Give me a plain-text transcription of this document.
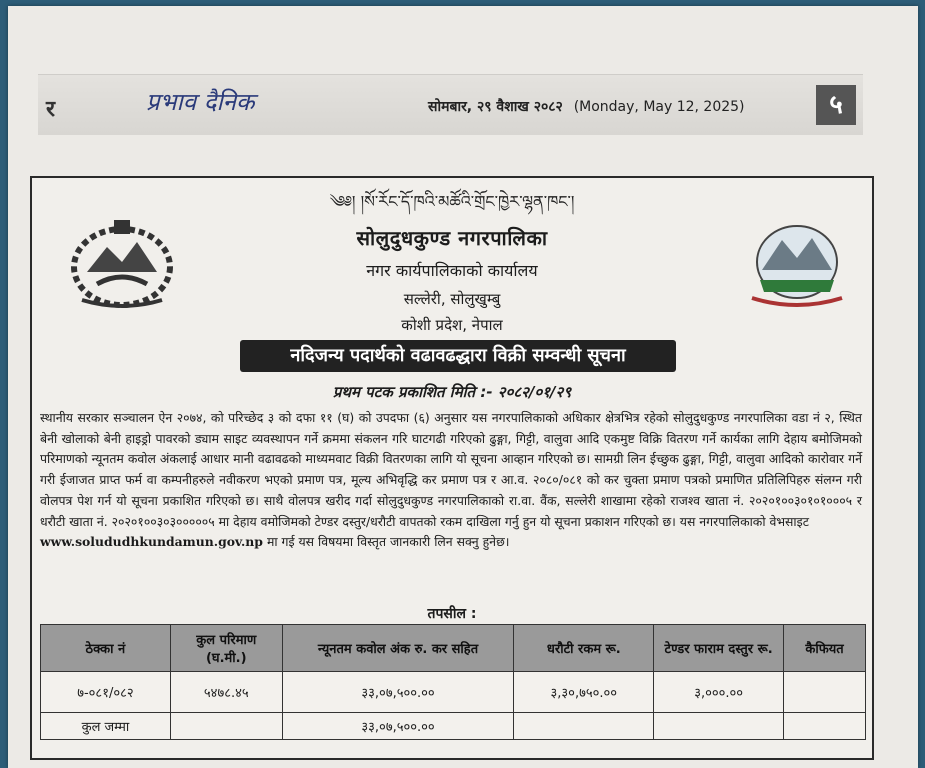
र	प्रभाव दैनिक	सोमबार, २९ वैशाख २०८२ (Monday, May 12, 2025)	५
༄༅། །སོ་རོང་དོ་ཁའི་མཚོའི་གྲོང་ཁྱེར་ལྷན་ཁང་།
सोलुदुधकुण्ड नगरपालिका
नगर कार्यपालिकाको कार्यालय
सल्लेरी, सोलुखुम्बु
कोशी प्रदेश, नेपाल
नदिजन्य पदार्थको वढावढद्धारा विक्री सम्वन्धी सूचना
प्रथम पटक प्रकाशित मिति :- २०८२/०१/२९
स्थानीय सरकार सञ्चालन ऐन २०७४, को परिच्छेद ३ को दफा ११ (घ) को उपदफा (६) अनुसार यस नगरपालिकाको अधिकार क्षेत्रभित्र रहेको सोलुदुधकुण्ड नगरपालिका वडा नं २, स्थित बेनी खोलाको बेनी हाइड्रो पावरको ड्याम साइट व्यवस्थापन गर्ने क्रममा संकलन गरि घाटगढी गरिएको ढुङ्गा, गिट्टी, वालुवा आदि एकमुष्ट विक्रि वितरण गर्ने कार्यका लागि देहाय बमोजिमको परिमाणको न्यूनतम कवोल अंकलाई आधार मानी वढावढको माध्यमवाट विक्री वितरणका लागि यो सूचना आव्हान गरिएको छ। सामग्री लिन ईच्छुक ढुङ्गा, गिट्टी, वालुवा आदिको कारोवार गर्ने गरी ईजाजत प्राप्त फर्म वा कम्पनीहरुले नवीकरण भएको प्रमाण पत्र, मूल्य अभिवृद्धि कर प्रमाण पत्र र आ.व. २०८०/०८१ को कर चुक्ता प्रमाण पत्रको प्रमाणित प्रतिलिपिहरु संलग्न गरी वोलपत्र पेश गर्न यो सूचना प्रकाशित गरिएको छ। साथै वोलपत्र खरीद गर्दा सोलुदुधकुण्ड नगरपालिकाको रा.वा. वैंक, सल्लेरी शाखामा रहेको राजश्व खाता नं. २०२०१००३०१०१०००५ र धरौटी खाता नं. २०२०१००३०३०००००५ मा देहाय वमोजिमको टेण्डर दस्तुर/धरौटी वापतको रकम दाखिला गर्नु हुन यो सूचना प्रकाशन गरिएको छ। यस नगरपालिकाको वेभसाइट
www.solududhkundamun.gov.np मा गई यस विषयमा विस्तृत जानकारी लिन सक्नु हुनेछ।
तपसील :
ठेक्का नं	कुल परिमाण (घ.मी.)	न्यूनतम कवोल अंक रु. कर सहित	धरौटी रकम रू.	टेण्डर फाराम दस्तुर रू.	कैफियत
७-०८१/०८२	५४७८.४५	३३,०७,५००.००	३,३०,७५०.००	३,०००.००	
कुल जम्मा		३३,०७,५००.००			
